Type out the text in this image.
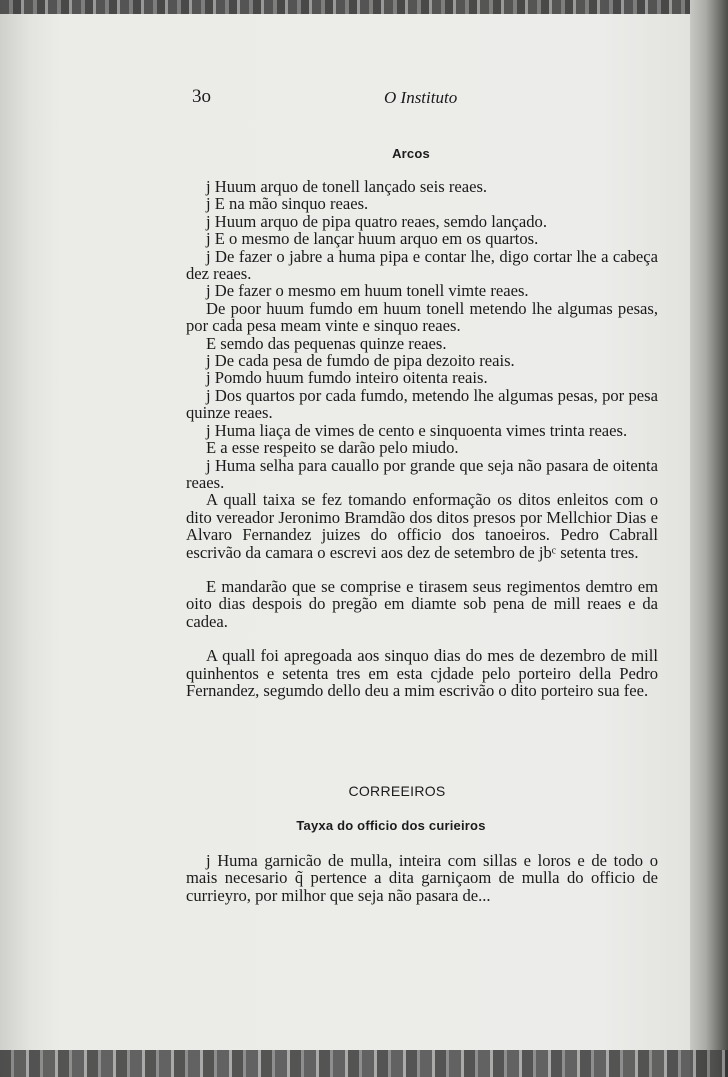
3o	O Instituto
Arcos

j Huum arquo de tonell lançado seis reaes.

j E na mão sinquo reaes.

j Huum arquo de pipa quatro reaes, semdo lançado.

j E o mesmo de lançar huum arquo em os quartos.

j De fazer o jabre a huma pipa e contar lhe, digo cortar lhe a cabeça dez reaes.

j De fazer o mesmo em huum tonell vimte reaes.

De poor huum fumdo em huum tonell metendo lhe algumas pesas, por cada pesa meam vinte e sinquo reaes.

E semdo das pequenas quinze reaes.

j De cada pesa de fumdo de pipa dezoito reais.

j Pomdo huum fumdo inteiro oitenta reais.

j Dos quartos por cada fumdo, metendo lhe algumas pesas, por pesa quinze reaes.

j Huma liaça de vimes de cento e sinquoenta vimes trinta reaes.

E a esse respeito se darão pelo miudo.

j Huma selha para cauallo por grande que seja não pasara de oitenta reaes.

A quall taixa se fez tomando enformação os ditos enleitos com o dito vereador Jeronimo Bramdão dos ditos presos por Mellchior Dias e Alvaro Fernandez juizes do officio dos tanoeiros. Pedro Cabrall escrivão da camara o escrevi aos dez de setembro de jbᶜ setenta tres.

E mandarão que se comprise e tirasem seus regimentos demtro em oito dias despois do pregão em diamte sob pena de mill reaes e da cadea.

A quall foi apregoada aos sinquo dias do mes de dezembro de mill quinhentos e setenta tres em esta cjdade pelo porteiro della Pedro Fernandez, segumdo dello deu a mim escrivão o dito porteiro sua fee.

CORREEIROS
Tayxa do officio dos curieiros

j Huma garnicão de mulla, inteira com sillas e loros e de todo o mais necesario q̃ pertence a dita garniçaom de mulla do officio de currieyro, por milhor que seja não pasara de...
